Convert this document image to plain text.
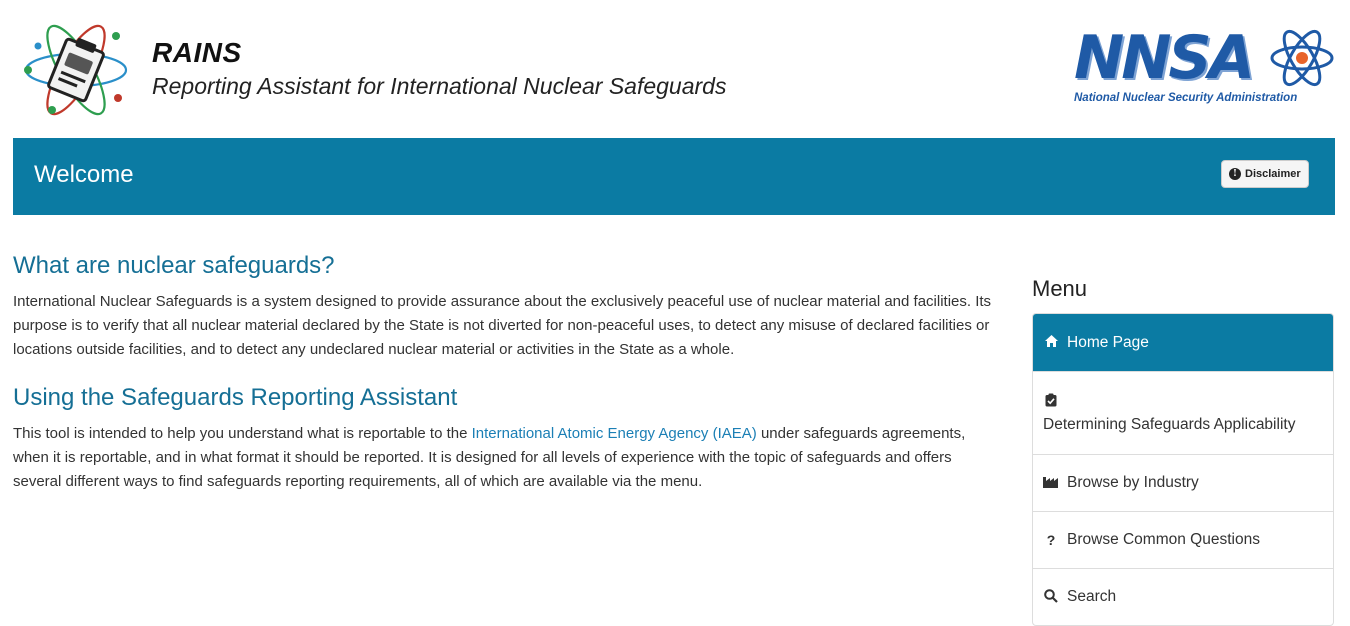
RAINS
Reporting Assistant for International Nuclear Safeguards	NNSA
National Nuclear Security Administration
Welcome	! Disclaimer
What are nuclear safeguards?

International Nuclear Safeguards is a system designed to provide assurance about the exclusively peaceful use of nuclear material and facilities. Its purpose is to verify that all nuclear material declared by the State is not diverted for non-peaceful uses, to detect any misuse of declared facilities or locations outside facilities, and to detect any undeclared nuclear material or activities in the State as a whole.

Using the Safeguards Reporting Assistant

This tool is intended to help you understand what is reportable to the International Atomic Energy Agency (IAEA) under safeguards agreements, when it is reportable, and in what format it should be reported. It is designed for all levels of experience with the topic of safeguards and offers several different ways to find safeguards reporting requirements, all of which are available via the menu.

Menu
Home Page
Determining Safeguards Applicability
Browse by Industry
? Browse Common Questions
Search
